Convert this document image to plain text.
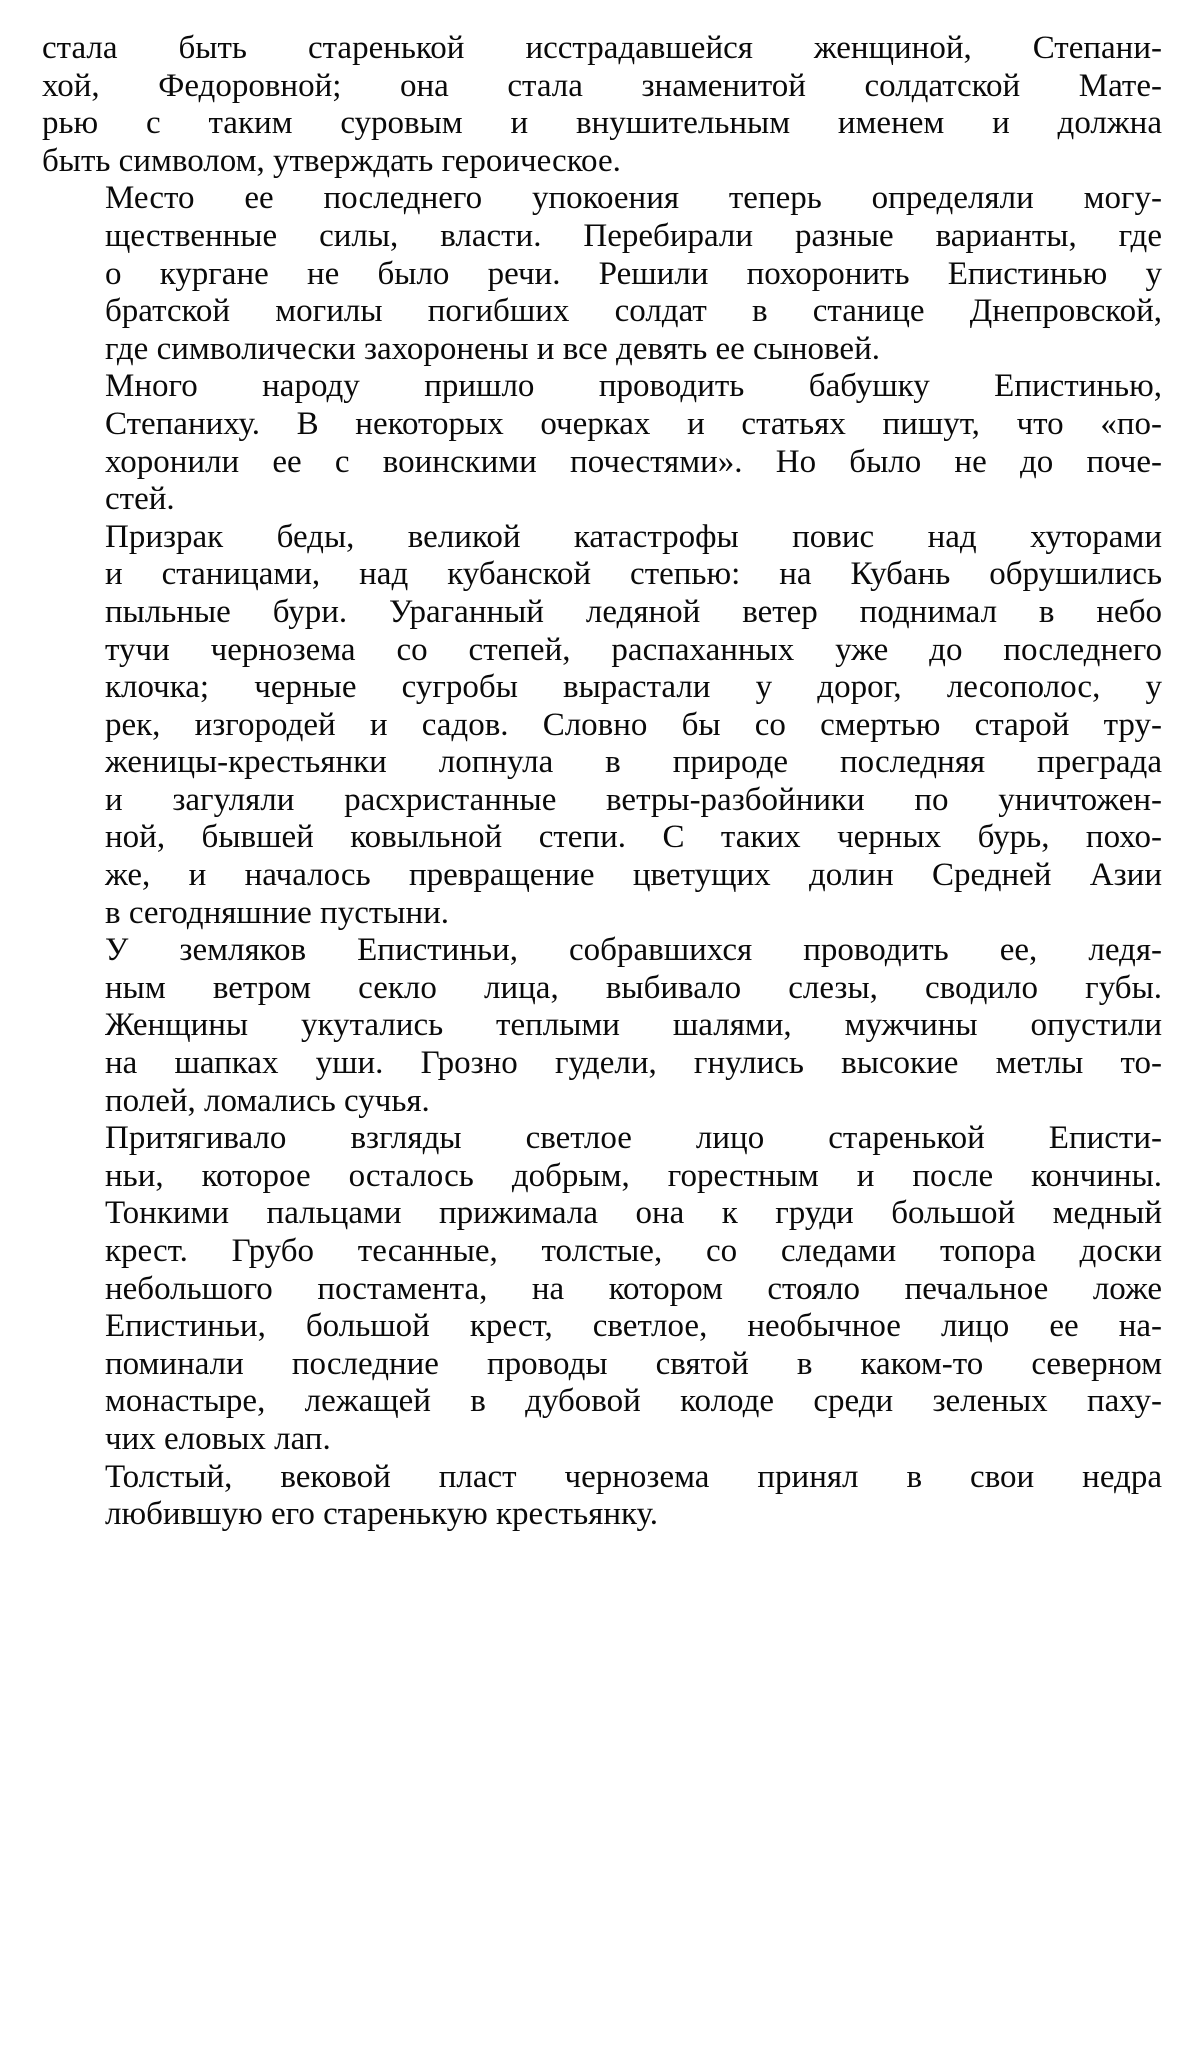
стала быть старенькой исстрадавшейся женщиной, Степани-
хой, Федоровной; она стала знаменитой солдатской Мате-
рью с таким суровым и внушительным именем и должна
быть символом, утверждать героическое.

Место ее последнего упокоения теперь определяли могу-
щественные силы, власти. Перебирали разные варианты, где
о кургане не было речи. Решили похоронить Епистинью у
братской могилы погибших солдат в станице Днепровской,
где символически захоронены и все девять ее сыновей.

Много народу пришло проводить бабушку Епистинью,
Степаниху. В некоторых очерках и статьях пишут, что «по-
хоронили ее с воинскими почестями». Но было не до поче-
стей.

Призрак беды, великой катастрофы повис над хуторами
и станицами, над кубанской степью: на Кубань обрушились
пыльные бури. Ураганный ледяной ветер поднимал в небо
тучи чернозема со степей, распаханных уже до последнего
клочка; черные сугробы вырастали у дорог, лесополос, у
рек, изгородей и садов. Словно бы со смертью старой тру-
женицы-крестьянки лопнула в природе последняя преграда
и загуляли расхристанные ветры-разбойники по уничтожен-
ной, бывшей ковыльной степи. С таких черных бурь, похо-
же, и началось превращение цветущих долин Средней Азии
в сегодняшние пустыни.

У земляков Епистиньи, собравшихся проводить ее, ледя-
ным ветром секло лица, выбивало слезы, сводило губы.
Женщины укутались теплыми шалями, мужчины опустили
на шапках уши. Грозно гудели, гнулись высокие метлы то-
полей, ломались сучья.

Притягивало взгляды светлое лицо старенькой Еписти-
ньи, которое осталось добрым, горестным и после кончины.
Тонкими пальцами прижимала она к груди большой медный
крест. Грубо тесанные, толстые, со следами топора доски
небольшого постамента, на котором стояло печальное ложе
Епистиньи, большой крест, светлое, необычное лицо ее на-
поминали последние проводы святой в каком-то северном
монастыре, лежащей в дубовой колоде среди зеленых паху-
чих еловых лап.

Толстый, вековой пласт чернозема принял в свои недра
любившую его старенькую крестьянку.
